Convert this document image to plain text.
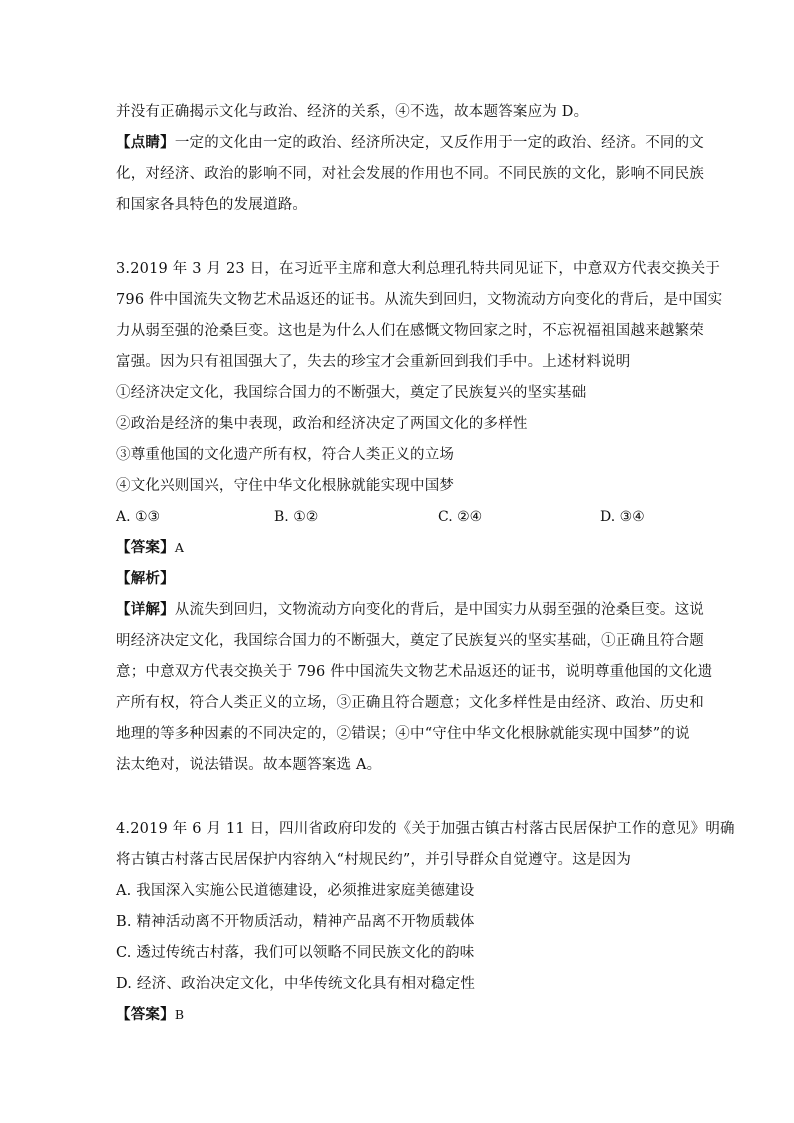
并没有正确揭示文化与政治、经济的关系，④不选，故本题答案应为 D。
【点睛】一定的文化由一定的政治、经济所决定，又反作用于一定的政治、经济。不同的文
化，对经济、政治的影响不同，对社会发展的作用也不同。不同民族的文化，影响不同民族
和国家各具特色的发展道路。
3.2019 年 3 月 23 日，在习近平主席和意大利总理孔特共同见证下，中意双方代表交换关于
796 件中国流失文物艺术品返还的证书。从流失到回归，文物流动方向变化的背后，是中国实
力从弱至强的沧桑巨变。这也是为什么人们在感慨文物回家之时，不忘祝福祖国越来越繁荣
富强。因为只有祖国强大了，失去的珍宝才会重新回到我们手中。上述材料说明
①经济决定文化，我国综合国力的不断强大，奠定了民族复兴的坚实基础
②政治是经济的集中表现，政治和经济决定了两国文化的多样性
③尊重他国的文化遗产所有权，符合人类正义的立场
④文化兴则国兴，守住中华文化根脉就能实现中国梦
A. ①③	B. ①②	C. ②④	D. ③④
【答案】A
【解析】
【详解】从流失到回归，文物流动方向变化的背后，是中国实力从弱至强的沧桑巨变。这说
明经济决定文化，我国综合国力的不断强大，奠定了民族复兴的坚实基础，①正确且符合题
意；中意双方代表交换关于 796 件中国流失文物艺术品返还的证书，说明尊重他国的文化遗
产所有权，符合人类正义的立场，③正确且符合题意；文化多样性是由经济、政治、历史和
地理的等多种因素的不同决定的，②错误；④中“守住中华文化根脉就能实现中国梦”的说
法太绝对，说法错误。故本题答案选 A。
4.2019 年 6 月 11 日，四川省政府印发的《关于加强古镇古村落古民居保护工作的意见》明确
将古镇古村落古民居保护内容纳入“村规民约”，并引导群众自觉遵守。这是因为
A. 我国深入实施公民道德建设，必须推进家庭美德建设
B. 精神活动离不开物质活动，精神产品离不开物质载体
C. 透过传统古村落，我们可以领略不同民族文化的韵味
D. 经济、政治决定文化，中华传统文化具有相对稳定性
【答案】B
